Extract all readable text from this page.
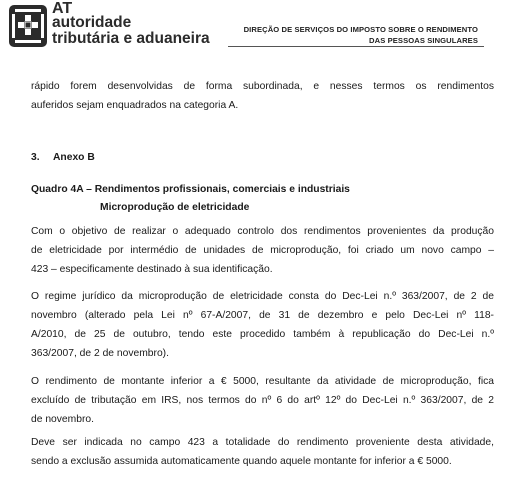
AT
autoridade
tributária e aduaneira
DIREÇÃO DE SERVIÇOS DO IMPOSTO SOBRE O RENDIMENTO
DAS PESSOAS SINGULARES
rápido forem desenvolvidas de forma subordinada, e nesses termos os rendimentos
auferidos sejam enquadrados na categoria A.
3. Anexo B
Quadro 4A – Rendimentos profissionais, comerciais e industriais
Microprodução de eletricidade
Com o objetivo de realizar o adequado controlo dos rendimentos provenientes da produção
de eletricidade por intermédio de unidades de microprodução, foi criado um novo campo –
423 – especificamente destinado à sua identificação.
O regime jurídico da microprodução de eletricidade consta do Dec-Lei n.º 363/2007, de 2 de
novembro (alterado pela Lei nº 67-A/2007, de 31 de dezembro e pelo Dec-Lei nº 118-
A/2010, de 25 de outubro, tendo este procedido também à republicação do Dec-Lei n.º
363/2007, de 2 de novembro).
O rendimento de montante inferior a € 5000, resultante da atividade de microprodução, fica
excluído de tributação em IRS, nos termos do nº 6 do artº 12º do Dec-Lei n.º 363/2007, de 2
de novembro.
Deve ser indicada no campo 423 a totalidade do rendimento proveniente desta atividade,
sendo a exclusão assumida automaticamente quando aquele montante for inferior a € 5000.
